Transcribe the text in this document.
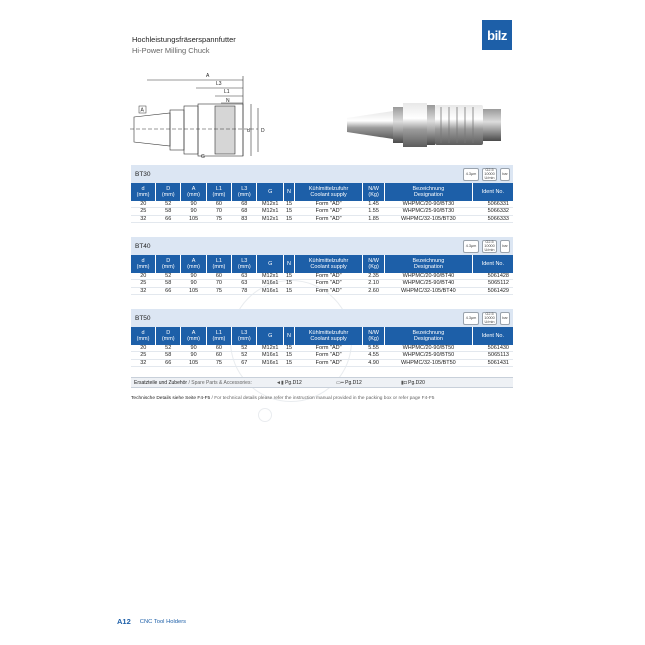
bilz
Hochleistungsfräserspannfutter
Hi-Power Milling Chuck
A
L3
L1
N
d D
A
G
BT30	4.3μm
G2.5 10000 U/min
bar
d
(mm)	D
(mm)	A
(mm)	L1
(mm)	L3
(mm)	G	N	Kühlmittelzufuhr
Coolant supply	N/W
(Kg)	Bezeichnung
Designation	Ident No.
20	52	90	60	68	M12x1	15	Form "AD"	1.45	WHPMC/20-90/BT30	5066331
25	58	90	70	68	M12x1	15	Form "AD"	1.55	WHPMC/25-90/BT30	5066332
32	66	105	75	83	M12x1	15	Form "AD"	1.85	WHPMC/32-105/BT30	5066333
BT40	4.3μm
G2.5 10000 U/min
bar
d
(mm)	D
(mm)	A
(mm)	L1
(mm)	L3
(mm)	G	N	Kühlmittelzufuhr
Coolant supply	N/W
(Kg)	Bezeichnung
Designation	Ident No.
20	52	90	60	63	M12x1	15	Form "AD"	2.35	WHPMC/20-90/BT40	5061428
25	58	90	70	63	M16x1	15	Form "AD"	2.10	WHPMC/25-90/BT40	5065112
32	66	105	75	78	M16x1	15	Form "AD"	2.60	WHPMC/32-105/BT40	5061429
BT50	4.3μm
G2.5 10000 U/min
bar
d
(mm)	D
(mm)	A
(mm)	L1
(mm)	L3
(mm)	G	N	Kühlmittelzufuhr
Coolant supply	N/W
(Kg)	Bezeichnung
Designation	Ident No.
20	52	90	60	52	M12x1	15	Form "AD"	5.55	WHPMC/20-90/BT50	5061430
25	58	90	60	52	M16x1	15	Form "AD"	4.55	WHPMC/25-90/BT50	5065113
32	66	105	75	67	M16x1	15	Form "AD"	4.90	WHPMC/32-105/BT50	5061431
Ersatzteile und Zubehör
/ Spare Parts & Accessories:	◄▮ Pg.D12	▭━ Pg.D12	▮◘ Pg.D20
Technische Details siehe Seite F4-F5 / For technical details please refer the instruction manual provided in the packing box or refer page F4-F5
A12 CNC Tool Holders
